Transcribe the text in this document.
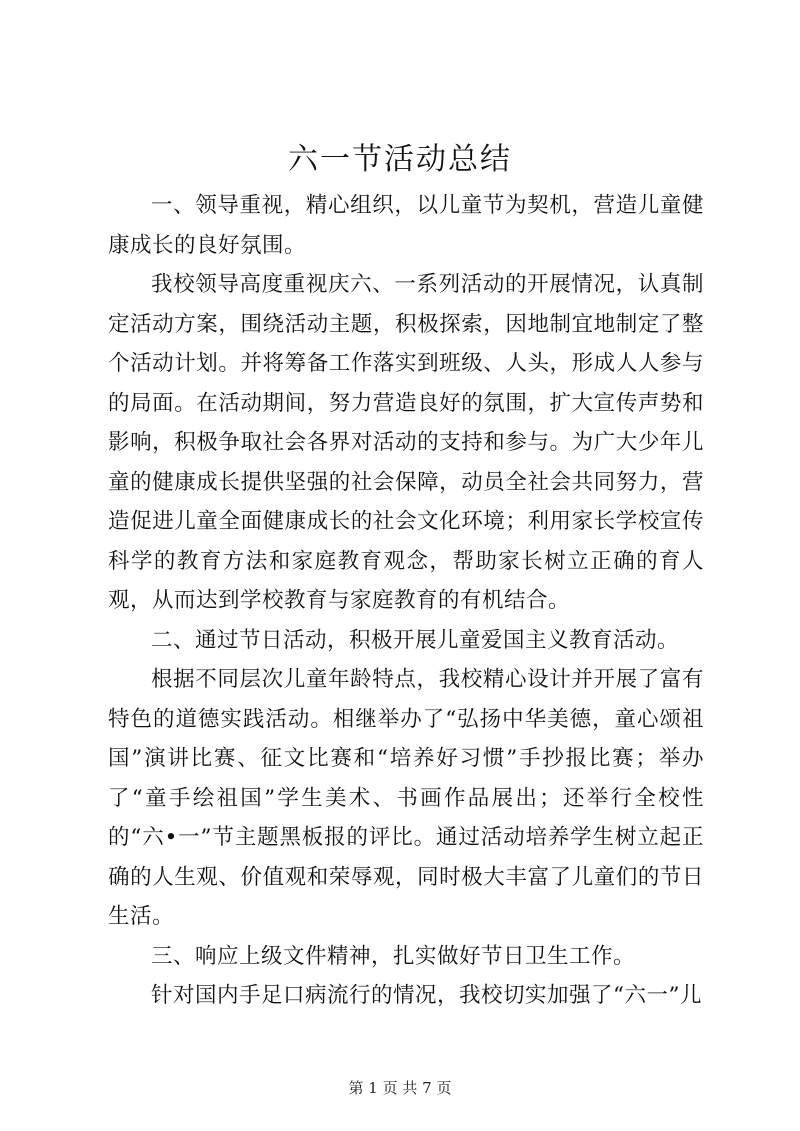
六一节活动总结

一、领导重视，精心组织，以儿童节为契机，营造儿童健康成长的良好氛围。

我校领导高度重视庆六、一系列活动的开展情况，认真制定活动方案，围绕活动主题，积极探索，因地制宜地制定了整个活动计划。并将筹备工作落实到班级、人头，形成人人参与的局面。在活动期间，努力营造良好的氛围，扩大宣传声势和影响，积极争取社会各界对活动的支持和参与。为广大少年儿童的健康成长提供坚强的社会保障，动员全社会共同努力，营造促进儿童全面健康成长的社会文化环境；利用家长学校宣传科学的教育方法和家庭教育观念，帮助家长树立正确的育人观，从而达到学校教育与家庭教育的有机结合。

二、通过节日活动，积极开展儿童爱国主义教育活动。

根据不同层次儿童年龄特点，我校精心设计并开展了富有特色的道德实践活动。相继举办了“弘扬中华美德，童心颂祖国”演讲比赛、征文比赛和“培养好习惯”手抄报比赛；举办了“童手绘祖国”学生美术、书画作品展出；还举行全校性的“六•一”节主题黑板报的评比。通过活动培养学生树立起正确的人生观、价值观和荣辱观，同时极大丰富了儿童们的节日生活。

三、响应上级文件精神，扎实做好节日卫生工作。

针对国内手足口病流行的情况，我校切实加强了“六一”儿

第 1 页 共 7 页
